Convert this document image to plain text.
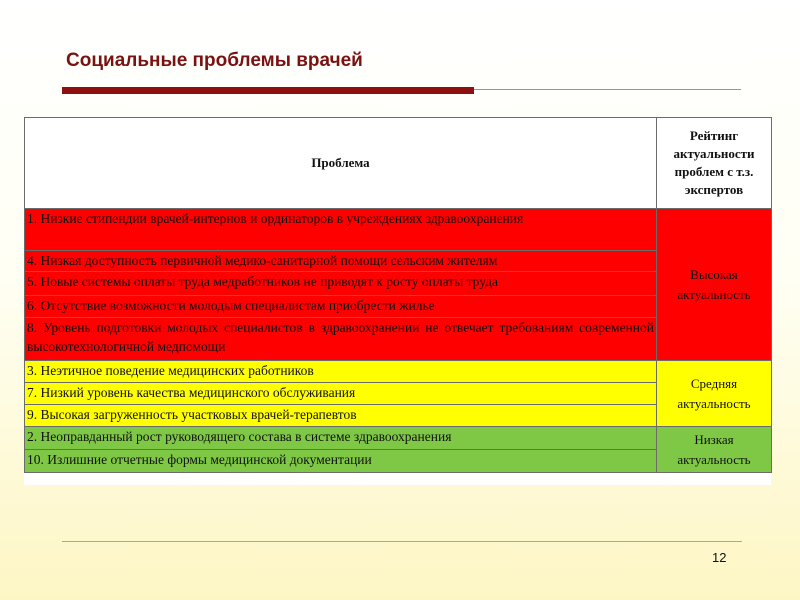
Социальные проблемы врачей
Проблема	Рейтинг актуальности проблем с т.з. экспертов
1. Низкие стипендии врачей-интернов и ординаторов в учреждениях здравоохранения	Высокая актуальность
4. Низкая доступность первичной медико-санитарной помощи сельским жителям	
5. Новые системы оплаты труда медработников не приводят к росту оплаты труда	
6. Отсутствие возможности молодым специалистам приобрести жилье	
8. Уровень подготовки молодых специалистов в здравоохранении не отвечает требованиям современной высокотехнологичной медпомощи	
3. Неэтичное поведение медицинских работников	Средняя актуальность
7. Низкий уровень качества медицинского обслуживания	
9. Высокая загруженность участковых врачей-терапевтов	
2. Неоправданный рост руководящего состава в системе здравоохранения	Низкая актуальность
10. Излишние отчетные формы медицинской документации	
12
